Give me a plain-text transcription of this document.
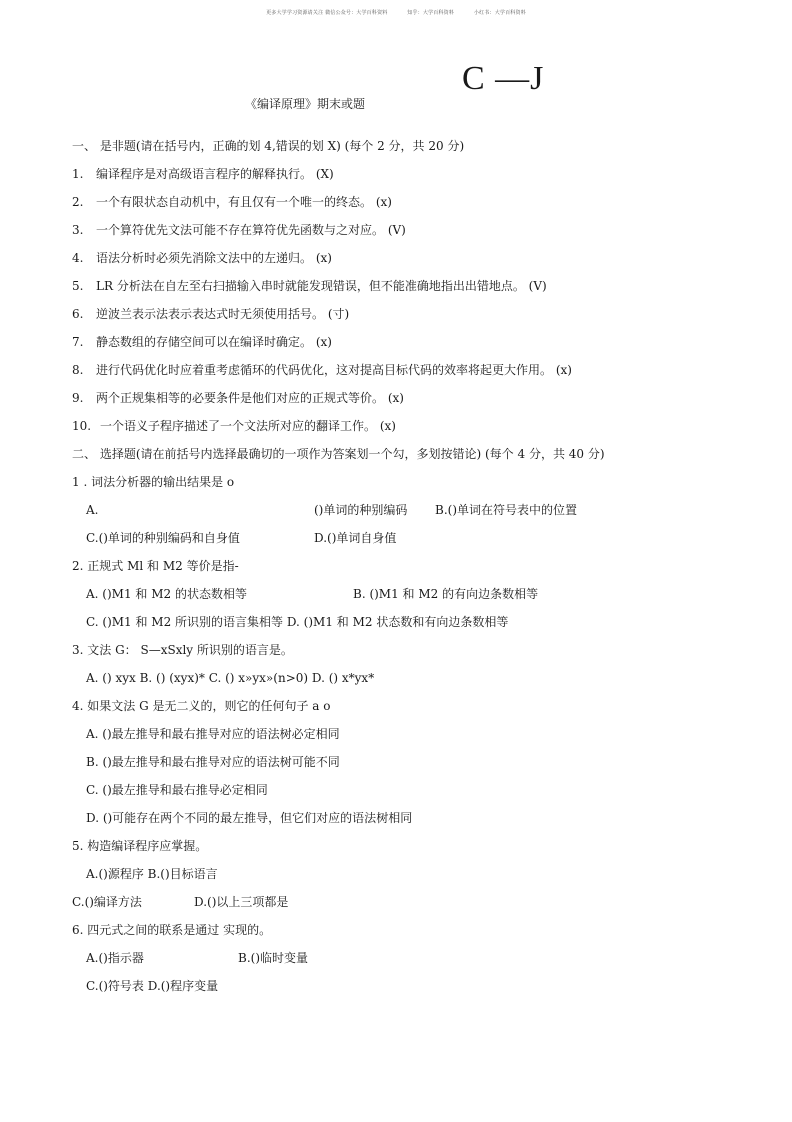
更多大学学习资源请关注 微信公众号：大学百科资料	知乎：大学百科资料	小红书：大学百科资料
《编译原理》期末或题
C —J
一、 是非题(请在括号内，正确的划 4,错误的划 X) (每个 2 分，共 20 分)
1. 编译程序是对高级语言程序的解释执行。 (X)
2. 一个有限状态自动机中，有且仅有一个唯一的终态。 (x)
3. 一个算符优先文法可能不存在算符优先函数与之对应。 (V)
4. 语法分析时必须先消除文法中的左递归。 (x)
5. LR 分析法在自左至右扫描输入串时就能发现错误，但不能准确地指出出错地点。 (V)
6. 逆波兰表示法表示表达式时无须使用括号。 (寸)
7. 静态数组的存储空间可以在编译时确定。 (x)
8. 进行代码优化时应着重考虑循环的代码优化，这对提高目标代码的效率将起更大作用。 (x)
9. 两个正规集相等的必要条件是他们对应的正规式等价。 (x)
10. 一个语义子程序描述了一个文法所对应的翻译工作。 (x)
二、 选择题(请在前括号内选择最确切的一项作为答案划一个勾，多划按错论) (每个 4 分，共 40 分)
1 . 词法分析器的输出结果是 o
A.	()单词的种别编码 B.()单词在符号表中的位置
C.()单词的种别编码和自身值	D.()单词自身值
2. 正规式 Ml 和 M2 等价是指-
A. ()M1 和 M2 的状态数相等	B. ()M1 和 M2 的有向边条数相等
C. ()M1 和 M2 所识别的语言集相等 D. ()M1 和 M2 状态数和有向边条数相等
3. 文法 G： S—xSxly 所识别的语言是。
A. () xyx B. () (xyx)* C. () x»yx»(n>0) D. () x*yx*
4. 如果文法 G 是无二义的，则它的任何句子 a o
A. ()最左推导和最右推导对应的语法树必定相同
B. ()最左推导和最右推导对应的语法树可能不同
C. ()最左推导和最右推导必定相同
D. ()可能存在两个不同的最左推导，但它们对应的语法树相同
5. 构造编译程序应掌握。
A.()源程序 B.()目标语言
C.()编译方法	D.()以上三项都是
6. 四元式之间的联系是通过 实现的。
A.()指示器	B.()临时变量
C.()符号表 D.()程序变量
